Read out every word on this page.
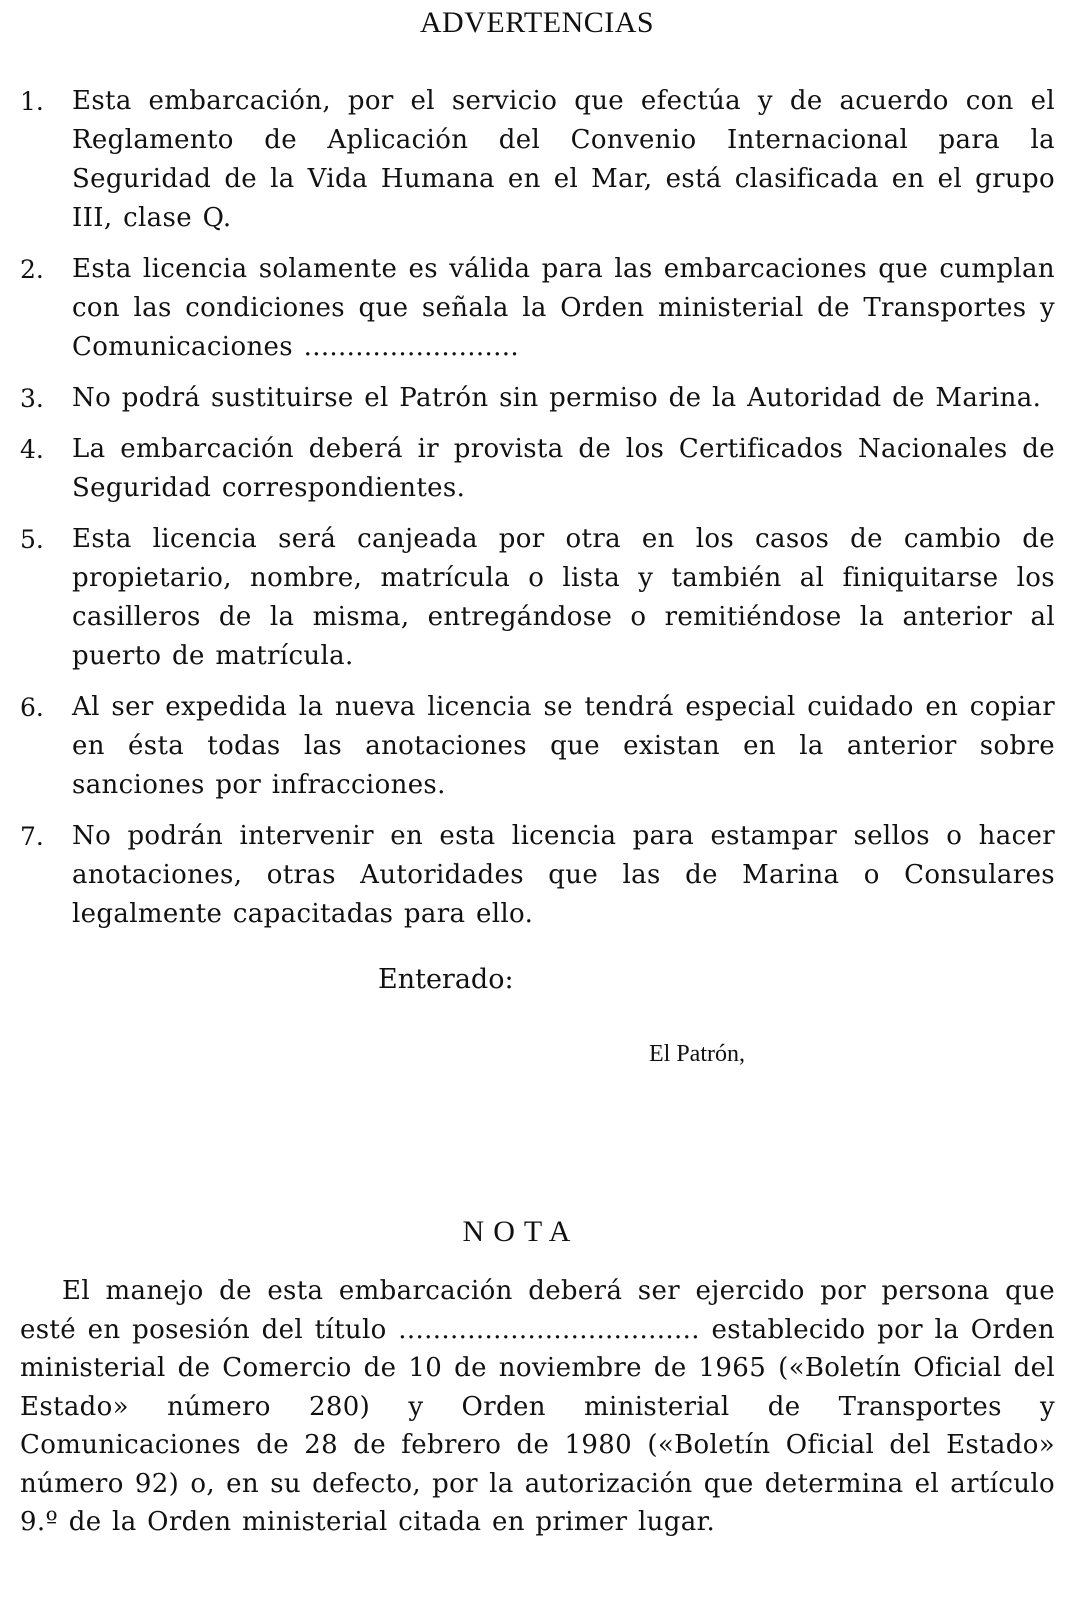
ADVERTENCIAS
1.	Esta embarcación, por el servicio que efectúa y de acuerdo con el Reglamento de Aplicación del Convenio Internacional para la Seguridad de la Vida Humana en el Mar, está clasificada en el grupo III, clase Q.
2.	Esta licencia solamente es válida para las embarcaciones que cumplan con las condiciones que señala la Orden ministerial de Transportes y Comunicaciones .........................
3.	No podrá sustituirse el Patrón sin permiso de la Autoridad de Marina.
4.	La embarcación deberá ir provista de los Certificados Nacionales de Seguridad correspondientes.
5.	Esta licencia será canjeada por otra en los casos de cambio de propietario, nombre, matrícula o lista y también al finiquitarse los casilleros de la misma, entregándose o remitiéndose la anterior al puerto de matrícula.
6.	Al ser expedida la nueva licencia se tendrá especial cuidado en copiar en ésta todas las anotaciones que existan en la anterior sobre sanciones por infracciones.
7.	No podrán intervenir en esta licencia para estampar sellos o hacer anotaciones, otras Autoridades que las de Marina o Consulares legalmente capacitadas para ello.
Enterado:
El Patrón,
NOTA

El manejo de esta embarcación deberá ser ejercido por persona que esté en posesión del título ................................... establecido por la Orden ministerial de Comercio de 10 de noviembre de 1965 («Boletín Oficial del Estado» número 280) y Orden ministerial de Transportes y Comunicaciones de 28 de febrero de 1980 («Boletín Oficial del Estado» número 92) o, en su defecto, por la autorización que determina el artículo 9.º de la Orden ministerial citada en primer lugar.
